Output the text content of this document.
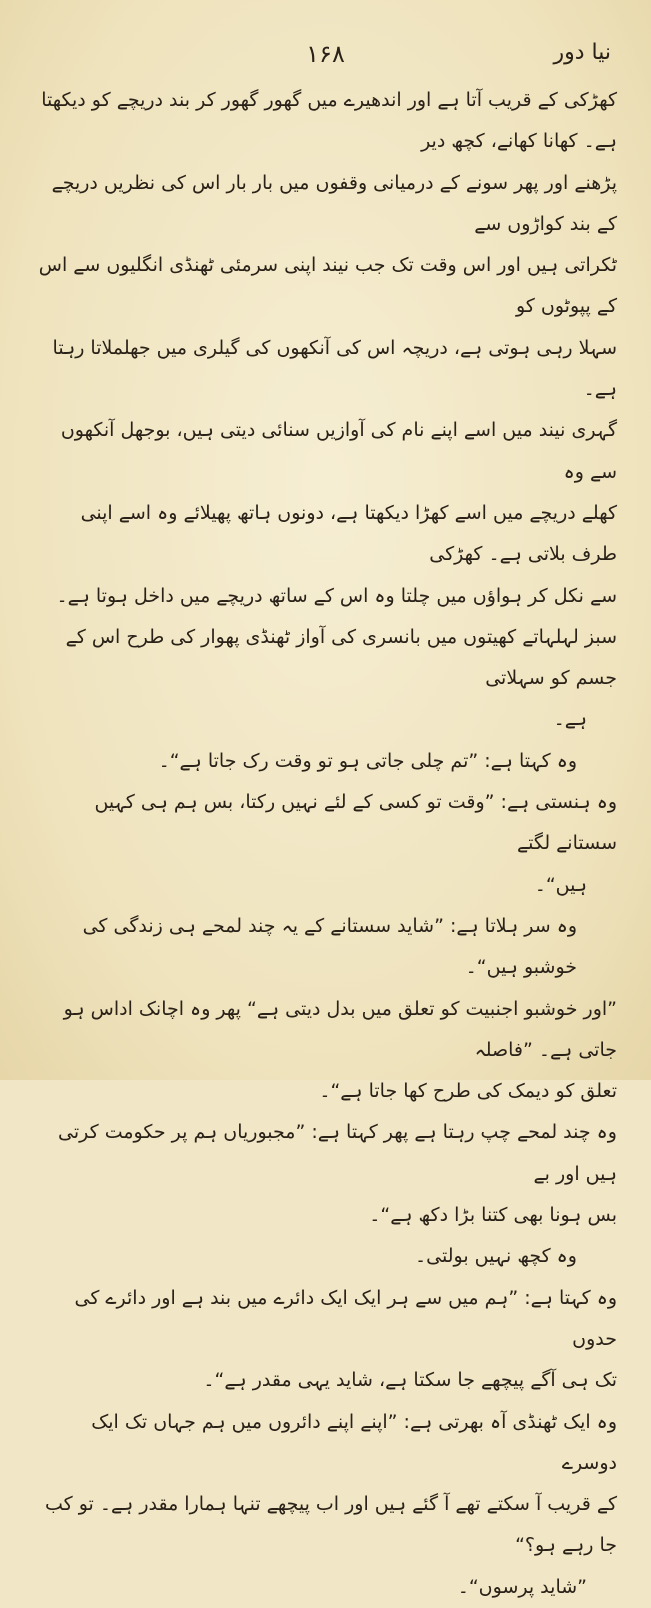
۱۶۸	نیا دور

کھڑکی کے قریب آتا ہے اور اندھیرے میں گھور گھور کر بند دریچے کو دیکھتا ہے۔ کھانا کھانے، کچھ دیر

پڑھنے اور پھر سونے کے درمیانی وقفوں میں بار بار اس کی نظریں دریچے کے بند کواڑوں سے

ٹکراتی ہیں اور اس وقت تک جب نیند اپنی سرمئی ٹھنڈی انگلیوں سے اس کے پپوٹوں کو

سہلا رہی ہوتی ہے، دریچہ اس کی آنکھوں کی گیلری میں جھلملاتا رہتا ہے۔

گہری نیند میں اسے اپنے نام کی آوازیں سنائی دیتی ہیں، بوجھل آنکھوں سے وہ

کھلے دریچے میں اسے کھڑا دیکھتا ہے، دونوں ہاتھ پھیلائے وہ اسے اپنی طرف بلاتی ہے۔ کھڑکی

سے نکل کر ہواؤں میں چلتا وہ اس کے ساتھ دریچے میں داخل ہوتا ہے۔

سبز لہلہاتے کھیتوں میں بانسری کی آواز ٹھنڈی پھوار کی طرح اس کے جسم کو سہلاتی

ہے۔

وہ کہتا ہے: ”تم چلی جاتی ہو تو وقت رک جاتا ہے“۔

وہ ہنستی ہے: ”وقت تو کسی کے لئے نہیں رکتا، بس ہم ہی کہیں سستانے لگتے

ہیں“۔

وہ سر ہلاتا ہے: ”شاید سستانے کے یہ چند لمحے ہی زندگی کی خوشبو ہیں“۔

”اور خوشبو اجنبیت کو تعلق میں بدل دیتی ہے“ پھر وہ اچانک اداس ہو جاتی ہے۔ ”فاصلہ

تعلق کو دیمک کی طرح کھا جاتا ہے“۔

وہ چند لمحے چپ رہتا ہے پھر کہتا ہے: ”مجبوریاں ہم پر حکومت کرتی ہیں اور بے

بس ہونا بھی کتنا بڑا دکھ ہے“۔

وہ کچھ نہیں بولتی۔

وہ کہتا ہے: ”ہم میں سے ہر ایک ایک دائرے میں بند ہے اور دائرے کی حدوں

تک ہی آگے پیچھے جا سکتا ہے، شاید یہی مقدر ہے“۔

وہ ایک ٹھنڈی آہ بھرتی ہے: ”اپنے اپنے دائروں میں ہم جہاں تک ایک دوسرے

کے قریب آ سکتے تھے آ گئے ہیں اور اب پیچھے تنہا ہمارا مقدر ہے۔ تو کب جا رہے ہو؟“

”شاید پرسوں“۔
